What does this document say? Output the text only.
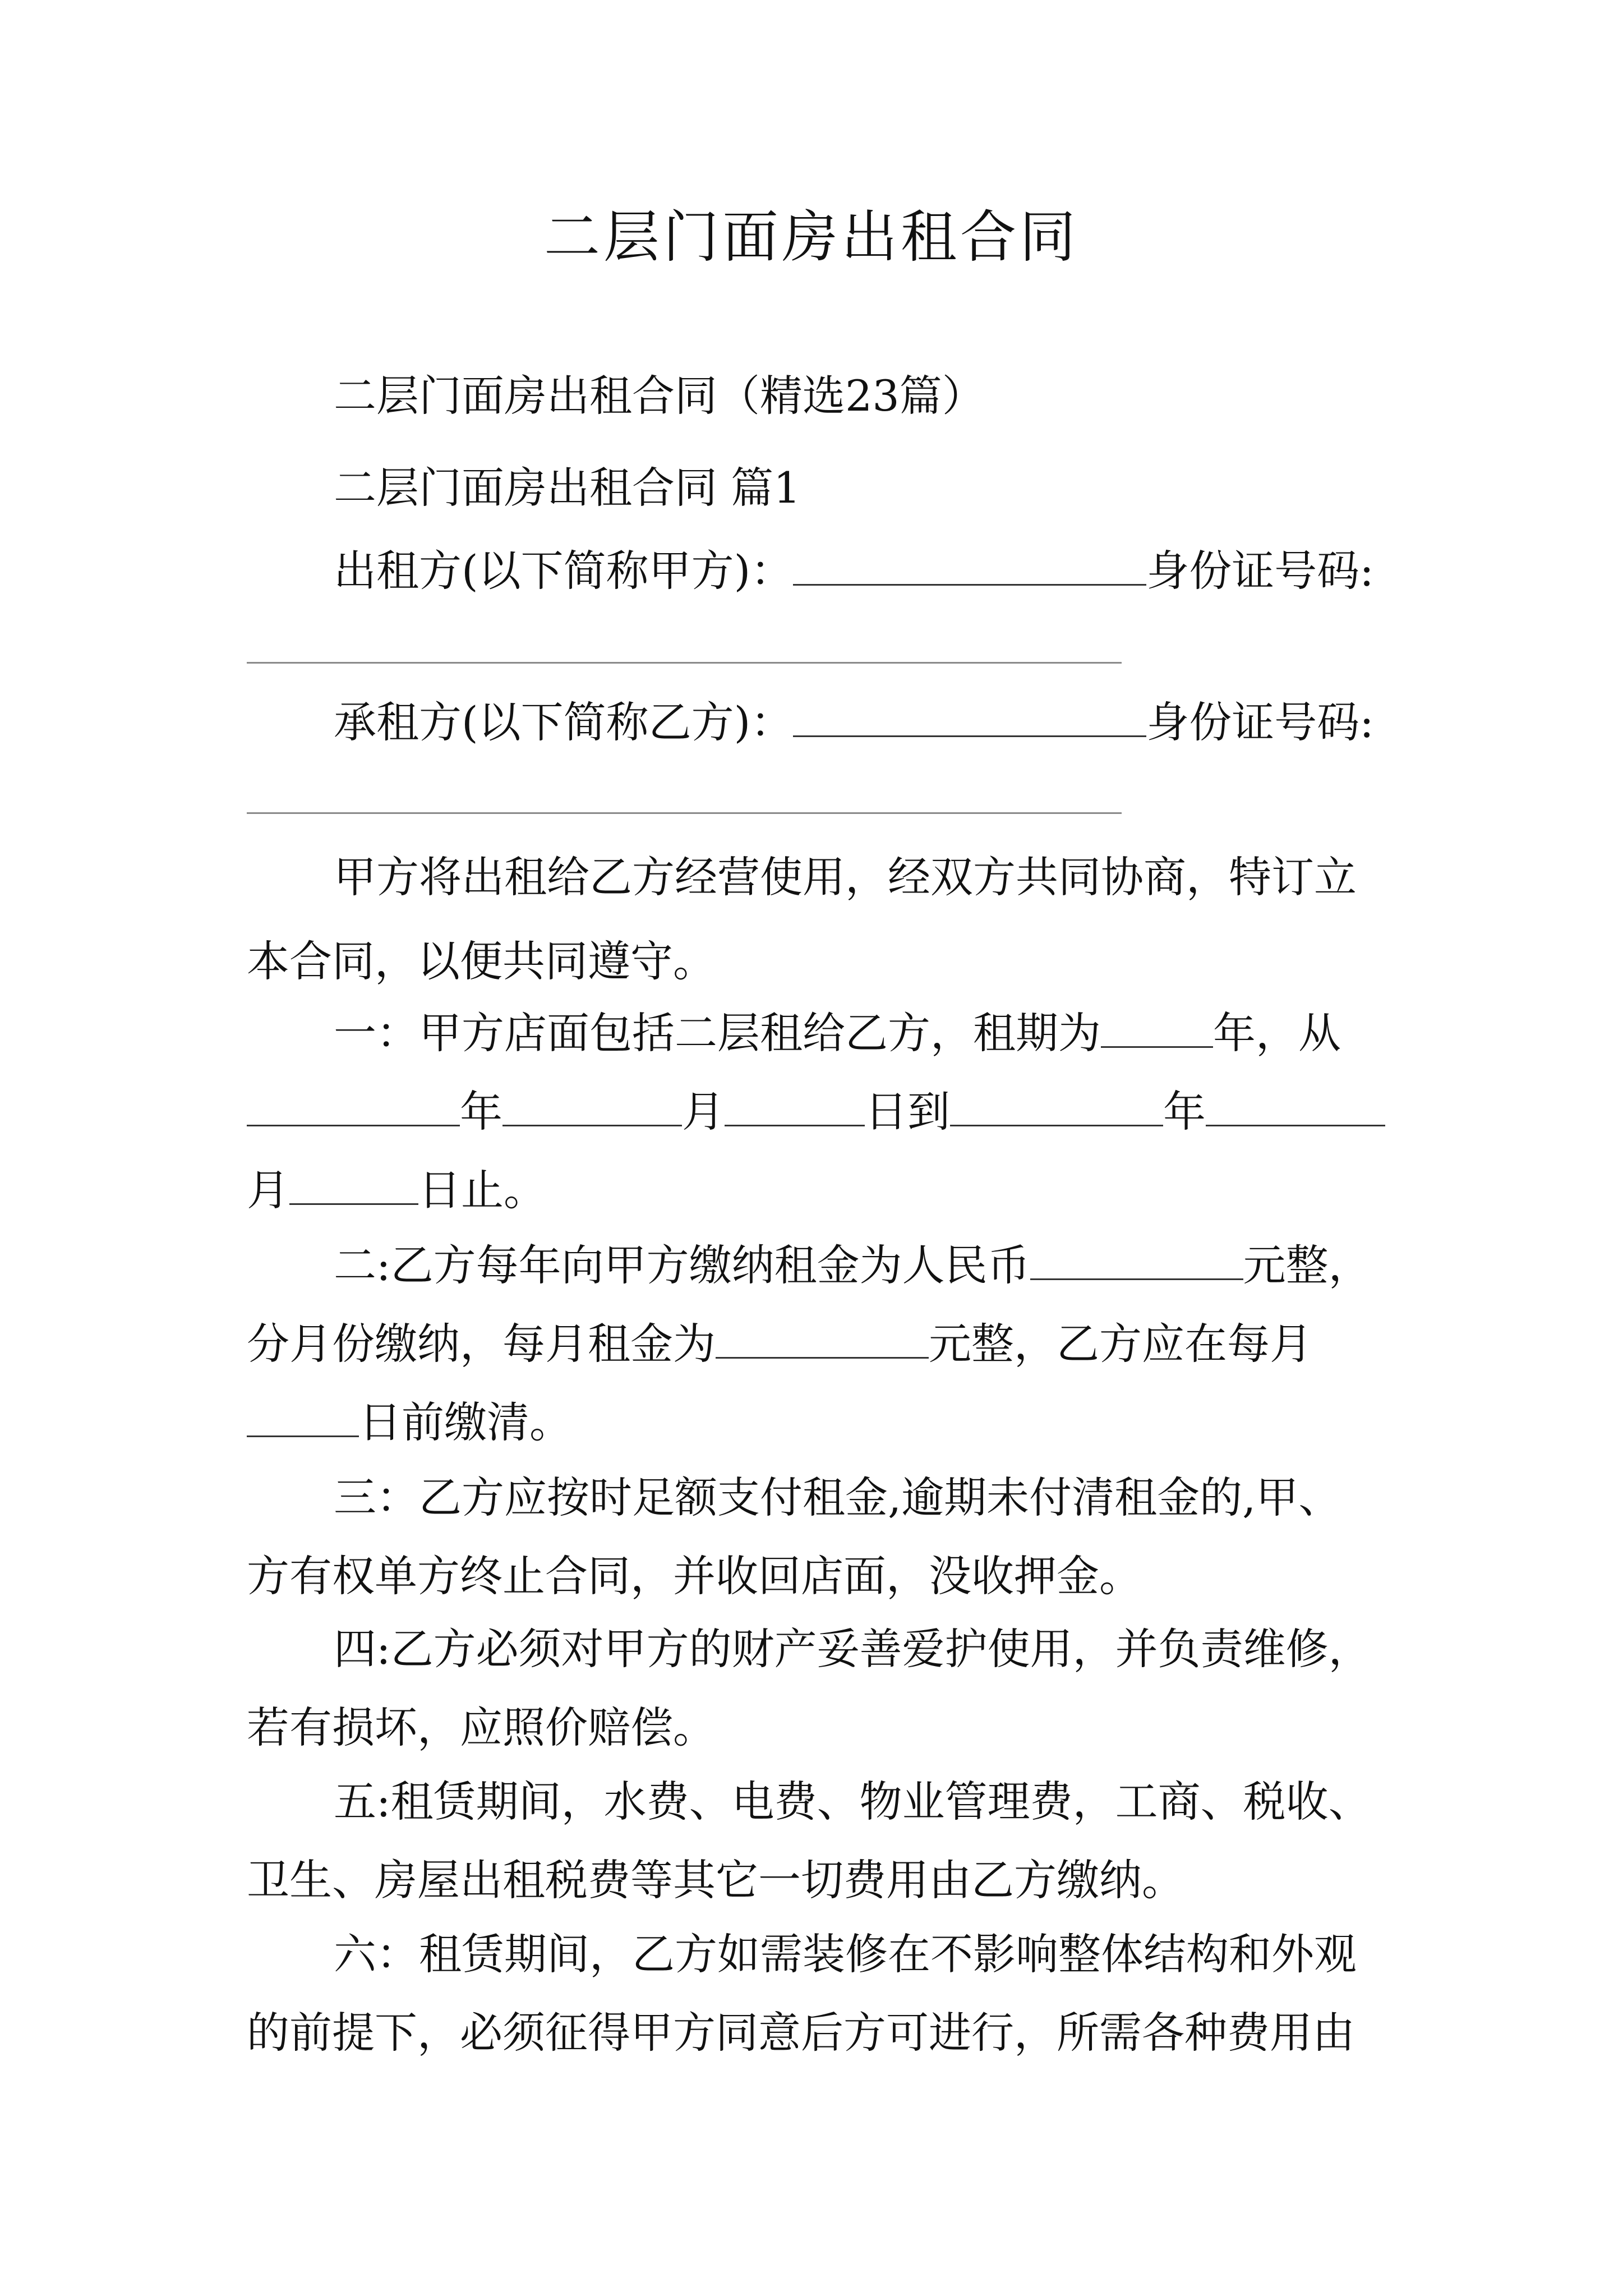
二层门面房出租合同
二层门面房出租合同（精选23篇）
二层门面房出租合同 篇1
出租方(以下简称甲方)：	身份证号码:
承租方(以下简称乙方)：	身份证号码:
甲方将出租给乙方经营使用，经双方共同协商，特订立
本合同，以便共同遵守。
一：甲方店面包括二层租给乙方，租期为	年，从
年	月	日到	年
月	日止。
二:乙方每年向甲方缴纳租金为人民币	元整，
分月份缴纳，每月租金为	元整，乙方应在每月
日前缴清。
三：乙方应按时足额支付租金,逾期未付清租金的,甲、
方有权单方终止合同，并收回店面，没收押金。
四:乙方必须对甲方的财产妥善爱护使用，并负责维修，
若有损坏，应照价赔偿。
五:租赁期间，水费、电费、物业管理费，工商、税收、
卫生、房屋出租税费等其它一切费用由乙方缴纳。
六：租赁期间，乙方如需装修在不影响整体结构和外观
的前提下，必须征得甲方同意后方可进行，所需各种费用由
